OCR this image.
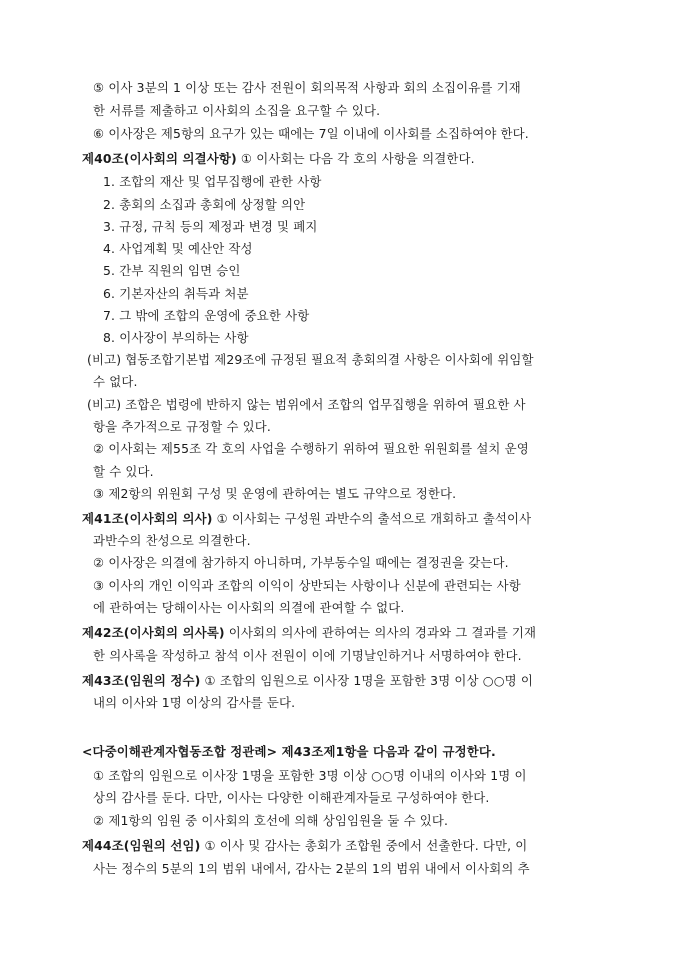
⑤ 이사 3분의 1 이상 또는 감사 전원이 회의목적 사항과 회의 소집이유를 기재
한 서류를 제출하고 이사회의 소집을 요구할 수 있다.
⑥ 이사장은 제5항의 요구가 있는 때에는 7일 이내에 이사회를 소집하여야 한다.
제40조(이사회의 의결사항) ① 이사회는 다음 각 호의 사항을 의결한다.
1. 조합의 재산 및 업무집행에 관한 사항
2. 총회의 소집과 총회에 상정할 의안
3. 규정, 규칙 등의 제정과 변경 및 폐지
4. 사업계획 및 예산안 작성
5. 간부 직원의 임면 승인
6. 기본자산의 취득과 처분
7. 그 밖에 조합의 운영에 중요한 사항
8. 이사장이 부의하는 사항
(비고) 협동조합기본법 제29조에 규정된 필요적 총회의결 사항은 이사회에 위임할
수 없다.
(비고) 조합은 법령에 반하지 않는 범위에서 조합의 업무집행을 위하여 필요한 사
항을 추가적으로 규정할 수 있다.
② 이사회는 제55조 각 호의 사업을 수행하기 위하여 필요한 위원회를 설치 운영
할 수 있다.
③ 제2항의 위원회 구성 및 운영에 관하여는 별도 규약으로 정한다.
제41조(이사회의 의사) ① 이사회는 구성원 과반수의 출석으로 개회하고 출석이사
과반수의 찬성으로 의결한다.
② 이사장은 의결에 참가하지 아니하며, 가부동수일 때에는 결정권을 갖는다.
③ 이사의 개인 이익과 조합의 이익이 상반되는 사항이나 신분에 관련되는 사항
에 관하여는 당해이사는 이사회의 의결에 관여할 수 없다.
제42조(이사회의 의사록) 이사회의 의사에 관하여는 의사의 경과와 그 결과를 기재
한 의사록을 작성하고 참석 이사 전원이 이에 기명날인하거나 서명하여야 한다.
제43조(임원의 정수) ① 조합의 임원으로 이사장 1명을 포함한 3명 이상 ○○명 이
내의 이사와 1명 이상의 감사를 둔다.
<다중이해관계자협동조합 정관례> 제43조제1항을 다음과 같이 규정한다.
① 조합의 임원으로 이사장 1명을 포함한 3명 이상 ○○명 이내의 이사와 1명 이
상의 감사를 둔다. 다만, 이사는 다양한 이해관계자들로 구성하여야 한다.
② 제1항의 임원 중 이사회의 호선에 의해 상임임원을 둘 수 있다.
제44조(임원의 선임) ① 이사 및 감사는 총회가 조합원 중에서 선출한다. 다만, 이
사는 정수의 5분의 1의 범위 내에서, 감사는 2분의 1의 범위 내에서 이사회의 추
